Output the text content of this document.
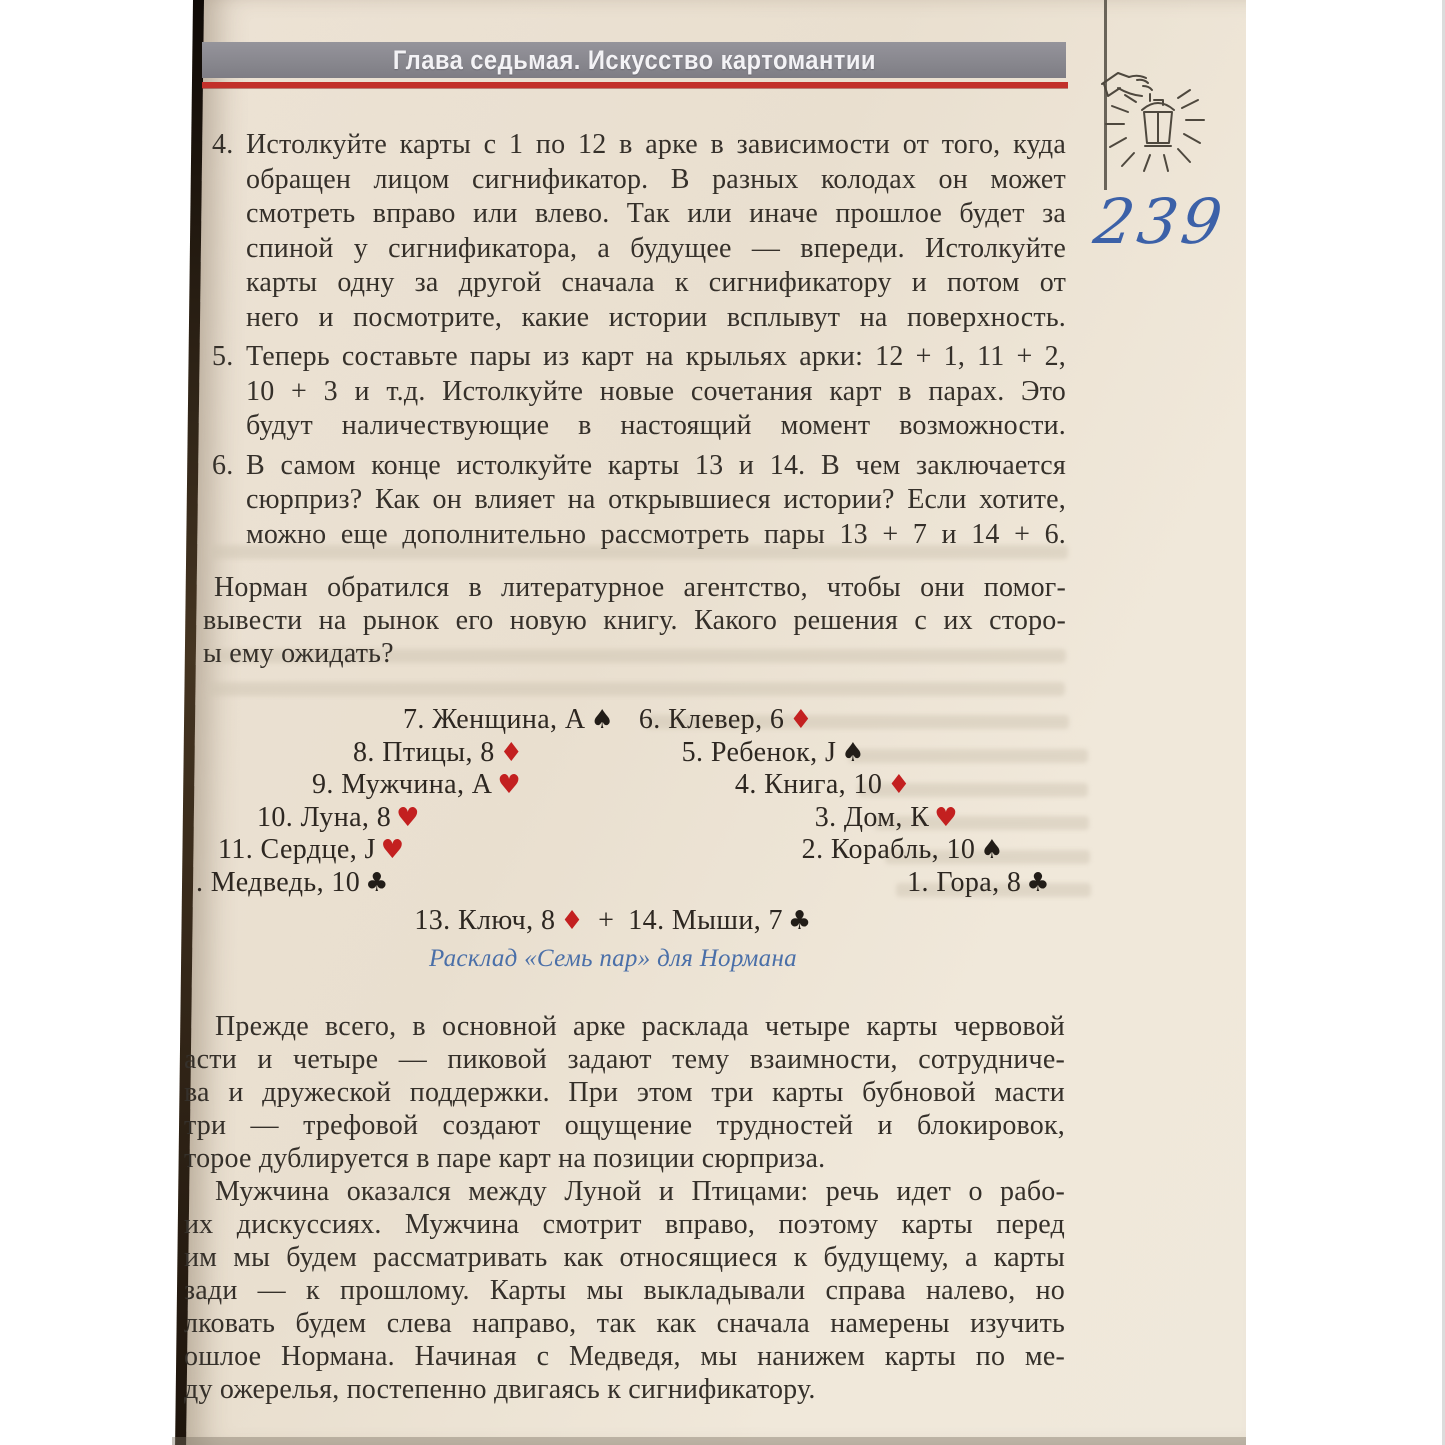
Глава седьмая. Искусство картомантии
4. Истолкуйте карты с 1 по 12 в арке в зависимости от того, куда
обращен лицом сигнификатор. В разных колодах он может
смотреть вправо или влево. Так или иначе прошлое будет за
спиной у сигнификатора, а будущее — впереди. Истолкуйте
карты одну за другой сначала к сигнификатору и потом от
него и посмотрите, какие истории всплывут на поверхность.
5. Теперь составьте пары из карт на крыльях арки: 12 + 1, 11 + 2,
10 + 3 и т.д. Истолкуйте новые сочетания карт в парах. Это
будут наличествующие в настоящий момент возможности.
6. В самом конце истолкуйте карты 13 и 14. В чем заключается
сюрприз? Как он влияет на открывшиеся истории? Если хотите,
можно еще дополнительно рассмотреть пары 13 + 7 и 14 + 6.
Норман обратился в литературное агентство, чтобы они помог-
вывести на рынок его новую книгу. Какого решения с их сторо-
ы ему ожидать?
7. Женщина, А ♠ 6. Клевер, 6 ♦
8. Птицы, 8 ♦	5. Ребенок, J ♠
9. Мужчина, А ♥	4. Книга, 10 ♦
10. Луна, 8 ♥	3. Дом, К ♥
11. Сердце, J ♥	2. Корабль, 10 ♠
. Медведь, 10 ♣	1. Гора, 8 ♣
13. Ключ, 8 ♦ + 14. Мыши, 7 ♣
Расклад «Семь пар» для Нормана
Прежде всего, в основной арке расклада четыре карты червовой
асти и четыре — пиковой задают тему взаимности, сотрудниче-
ва и дружеской поддержки. При этом три карты бубновой масти
три — трефовой создают ощущение трудностей и блокировок,
торое дублируется в паре карт на позиции сюрприза.
Мужчина оказался между Луной и Птицами: речь идет о рабо-
их дискуссиях. Мужчина смотрит вправо, поэтому карты перед
им мы будем рассматривать как относящиеся к будущему, а карты
зади — к прошлому. Карты мы выкладывали справа налево, но
лковать будем слева направо, так как сначала намерены изучить
ошлое Нормана. Начиная с Медведя, мы нанижем карты по ме-
ду ожерелья, постепенно двигаясь к сигнификатору.
239
